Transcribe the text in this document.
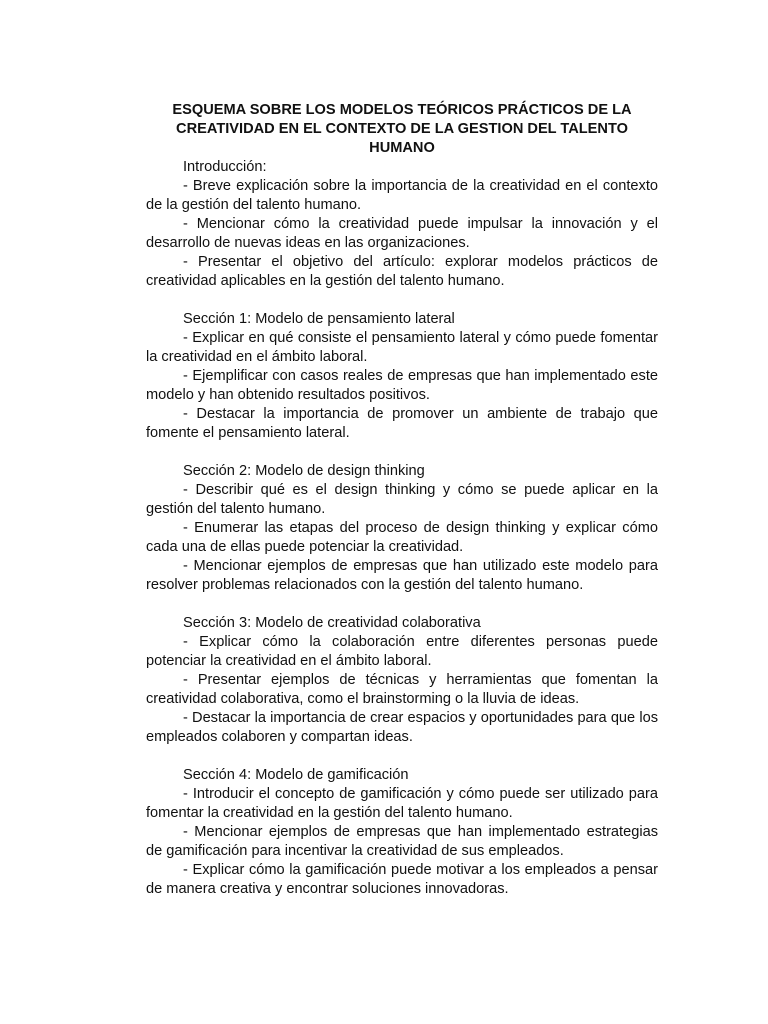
ESQUEMA SOBRE LOS MODELOS TEÓRICOS PRÁCTICOS DE LA CREATIVIDAD EN EL CONTEXTO DE LA GESTION DEL TALENTO HUMANO

Introducción:

- Breve explicación sobre la importancia de la creatividad en el contexto de la gestión del talento humano.

- Mencionar cómo la creatividad puede impulsar la innovación y el desarrollo de nuevas ideas en las organizaciones.

- Presentar el objetivo del artículo: explorar modelos prácticos de creatividad aplicables en la gestión del talento humano.

Sección 1: Modelo de pensamiento lateral

- Explicar en qué consiste el pensamiento lateral y cómo puede fomentar la creatividad en el ámbito laboral.

- Ejemplificar con casos reales de empresas que han implementado este modelo y han obtenido resultados positivos.

- Destacar la importancia de promover un ambiente de trabajo que fomente el pensamiento lateral.

Sección 2: Modelo de design thinking

- Describir qué es el design thinking y cómo se puede aplicar en la gestión del talento humano.

- Enumerar las etapas del proceso de design thinking y explicar cómo cada una de ellas puede potenciar la creatividad.

- Mencionar ejemplos de empresas que han utilizado este modelo para resolver problemas relacionados con la gestión del talento humano.

Sección 3: Modelo de creatividad colaborativa

- Explicar cómo la colaboración entre diferentes personas puede potenciar la creatividad en el ámbito laboral.

- Presentar ejemplos de técnicas y herramientas que fomentan la creatividad colaborativa, como el brainstorming o la lluvia de ideas.

- Destacar la importancia de crear espacios y oportunidades para que los empleados colaboren y compartan ideas.

Sección 4: Modelo de gamificación

- Introducir el concepto de gamificación y cómo puede ser utilizado para fomentar la creatividad en la gestión del talento humano.

- Mencionar ejemplos de empresas que han implementado estrategias de gamificación para incentivar la creatividad de sus empleados.

- Explicar cómo la gamificación puede motivar a los empleados a pensar de manera creativa y encontrar soluciones innovadoras.
